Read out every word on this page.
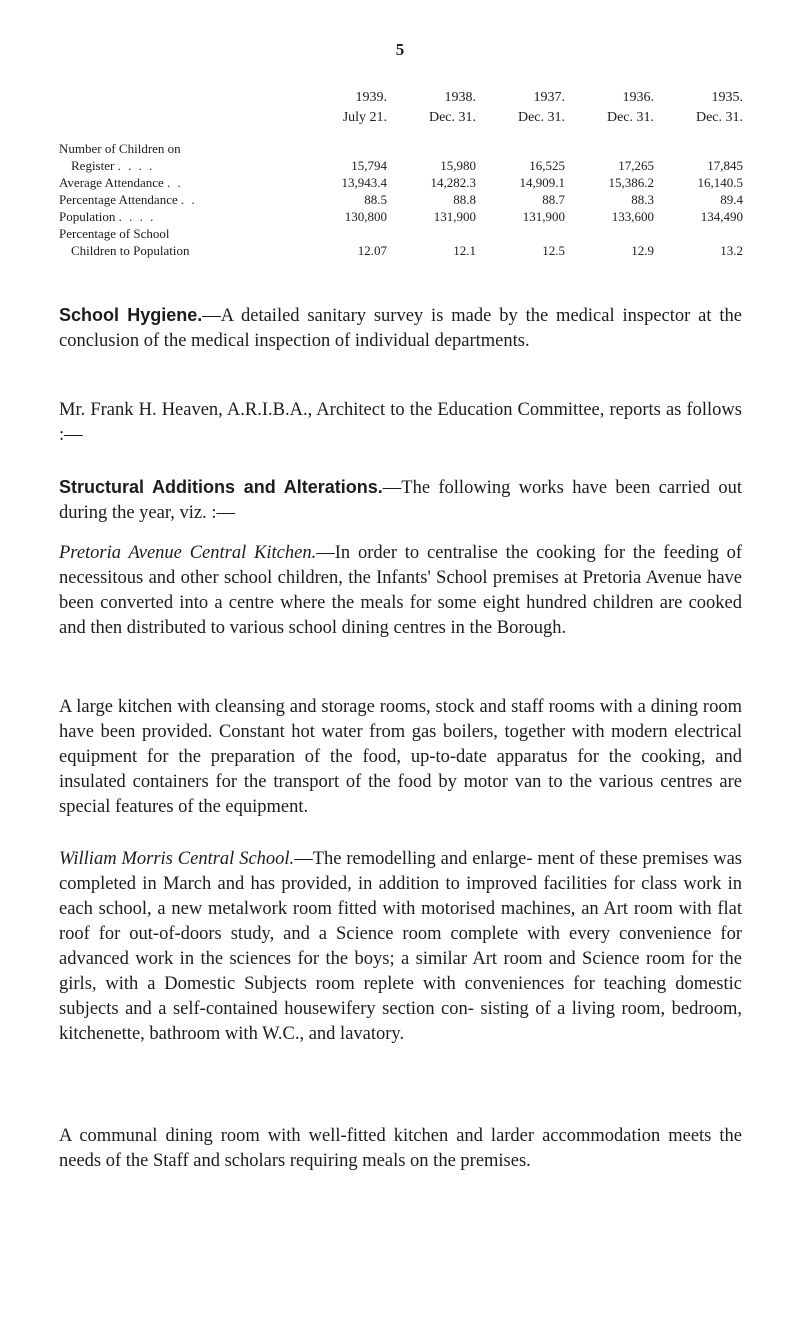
5
	1939.	1938.	1937.	1936.	1935.
	July 21.	Dec. 31.	Dec. 31.	Dec. 31.	Dec. 31.

Number of Children on					
Register . . . .	15,794	15,980	16,525	17,265	17,845
Average Attendance . .	13,943.4	14,282.3	14,909.1	15,386.2	16,140.5
Percentage Attendance . .	88.5	88.8	88.7	88.3	89.4
Population . . . .	130,800	131,900	131,900	133,600	134,490
Percentage of School					
Children to Population	12.07	12.1	12.5	12.9	13.2

School Hygiene.—A detailed sanitary survey is made by the medical inspector at the conclusion of the medical inspection of individual departments.

Mr. Frank H. Heaven, A.R.I.B.A., Architect to the Education Committee, reports as follows :—

Structural Additions and Alterations.—The following works have been carried out during the year, viz. :—

Pretoria Avenue Central Kitchen.—In order to centralise the cooking for the feeding of necessitous and other school children, the Infants' School premises at Pretoria Avenue have been converted into a centre where the meals for some eight hundred children are cooked and then distributed to various school dining centres in the Borough.

A large kitchen with cleansing and storage rooms, stock and staff rooms with a dining room have been provided. Constant hot water from gas boilers, together with modern electrical equipment for the preparation of the food, up-to-date apparatus for the cooking, and insulated containers for the transport of the food by motor van to the various centres are special features of the equipment.

William Morris Central School.—The remodelling and enlarge- ment of these premises was completed in March and has provided, in addition to improved facilities for class work in each school, a new metalwork room fitted with motorised machines, an Art room with flat roof for out-of-doors study, and a Science room complete with every convenience for advanced work in the sciences for the boys; a similar Art room and Science room for the girls, with a Domestic Subjects room replete with conveniences for teaching domestic subjects and a self-contained housewifery section con- sisting of a living room, bedroom, kitchenette, bathroom with W.C., and lavatory.

A communal dining room with well-fitted kitchen and larder accommodation meets the needs of the Staff and scholars requiring meals on the premises.
